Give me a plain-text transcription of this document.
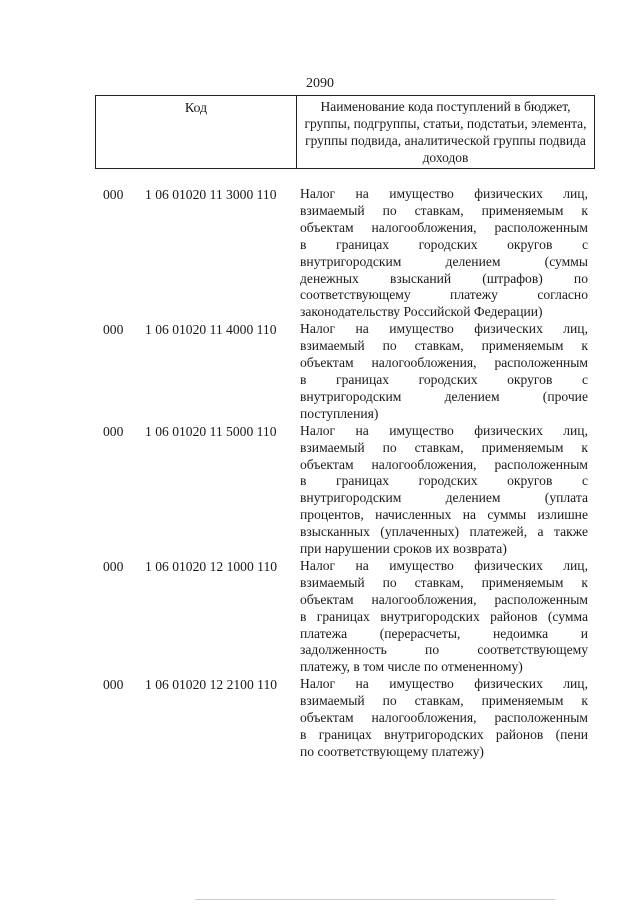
2090
Код	Наименование кода поступлений в бюджет, группы, подгруппы, статьи, подстатьи, элемента, группы подвида, аналитической группы подвида доходов
000 1 06 01020 11 3000 110 Налог на имущество физических лиц,
взимаемый по ставкам, применяемым к
объектам налогообложения, расположенным
в границах городских округов с
внутригородским делением (суммы
денежных взысканий (штрафов) по
соответствующему платежу согласно
законодательству Российской Федерации)
000 1 06 01020 11 4000 110 Налог на имущество физических лиц,
взимаемый по ставкам, применяемым к
объектам налогообложения, расположенным
в границах городских округов с
внутригородским делением (прочие
поступления)
000 1 06 01020 11 5000 110 Налог на имущество физических лиц,
взимаемый по ставкам, применяемым к
объектам налогообложения, расположенным
в границах городских округов с
внутригородским делением (уплата
процентов, начисленных на суммы излишне
взысканных (уплаченных) платежей, а также
при нарушении сроков их возврата)
000 1 06 01020 12 1000 110 Налог на имущество физических лиц,
взимаемый по ставкам, применяемым к
объектам налогообложения, расположенным
в границах внутригородских районов (сумма
платежа (перерасчеты, недоимка и
задолженность по соответствующему
платежу, в том числе по отмененному)
000 1 06 01020 12 2100 110 Налог на имущество физических лиц,
взимаемый по ставкам, применяемым к
объектам налогообложения, расположенным
в границах внутригородских районов (пени
по соответствующему платежу)
